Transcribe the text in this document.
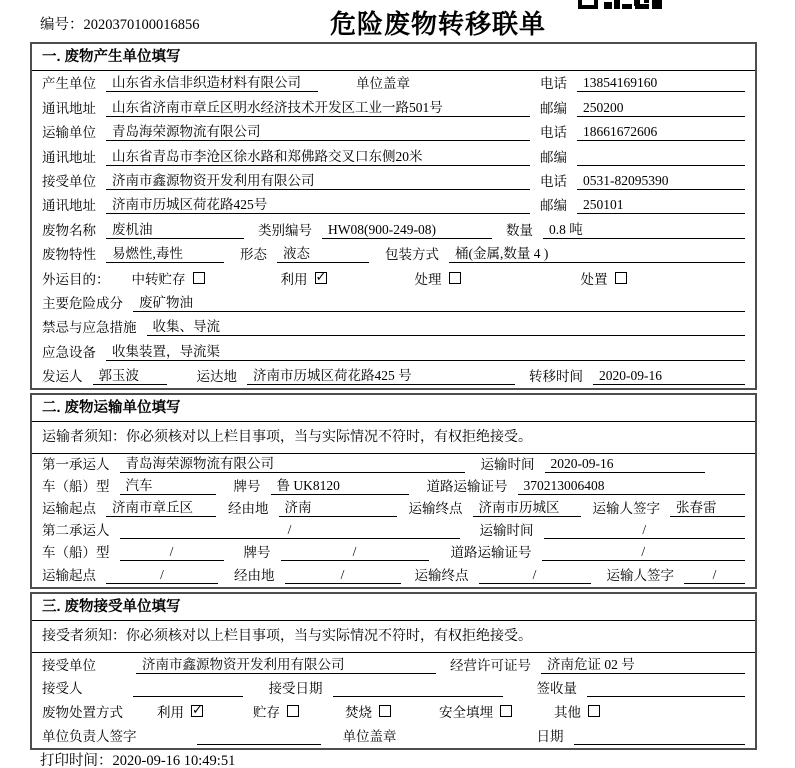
编号：2020370100016856	危险废物转移联单
一. 废物产生单位填写
产生单位	山东省永信非织造材料有限公司	单位盖章	电话	13854169160
通讯地址	山东省济南市章丘区明水经济技术开发区工业一路501号	邮编	250200
运输单位	青岛海荣源物流有限公司	电话	18661672606
通讯地址	山东省青岛市李沧区徐水路和郑佛路交叉口东侧20米	邮编
接受单位	济南市鑫源物资开发利用有限公司	电话	0531-82095390
通讯地址	济南市历城区荷花路425号	邮编	250101
废物名称	废机油	类别编号	HW08(900-249-08)	数量	0.8 吨
废物特性	易燃性,毒性	形态	液态	包装方式	桶(金属,数量 4 )
外运目的：	中转贮存	利用 ✓	处理	处置
主要危险成分	废矿物油
禁忌与应急措施	收集、导流
应急设备	收集装置，导流渠
发运人	郭玉波	运达地	济南市历城区荷花路425 号	转移时间	2020-09-16
二. 废物运输单位填写
运输者须知：你必须核对以上栏目事项，当与实际情况不符时，有权拒绝接受。
第一承运人	青岛海荣源物流有限公司	运输时间	2020-09-16
车（船）型	汽车	牌号	鲁 UK8120	道路运输证号	370213006408
运输起点	济南市章丘区	经由地	济南	运输终点	济南市历城区	运输人签字	张春雷
第二承运人	/	运输时间	/
车（船）型	/	牌号	/	道路运输证号	/
运输起点	/	经由地	/	运输终点	/	运输人签字	/
三. 废物接受单位填写
接受者须知：你必须核对以上栏目事项，当与实际情况不符时，有权拒绝接受。
接受单位	济南市鑫源物资开发利用有限公司	经营许可证号	济南危证 02 号
接受人	接受日期	签收量
废物处置方式	利用 ✓	贮存	焚烧	安全填埋	其他
单位负责人签字	单位盖章	日期
打印时间：2020-09-16 10:49:51
